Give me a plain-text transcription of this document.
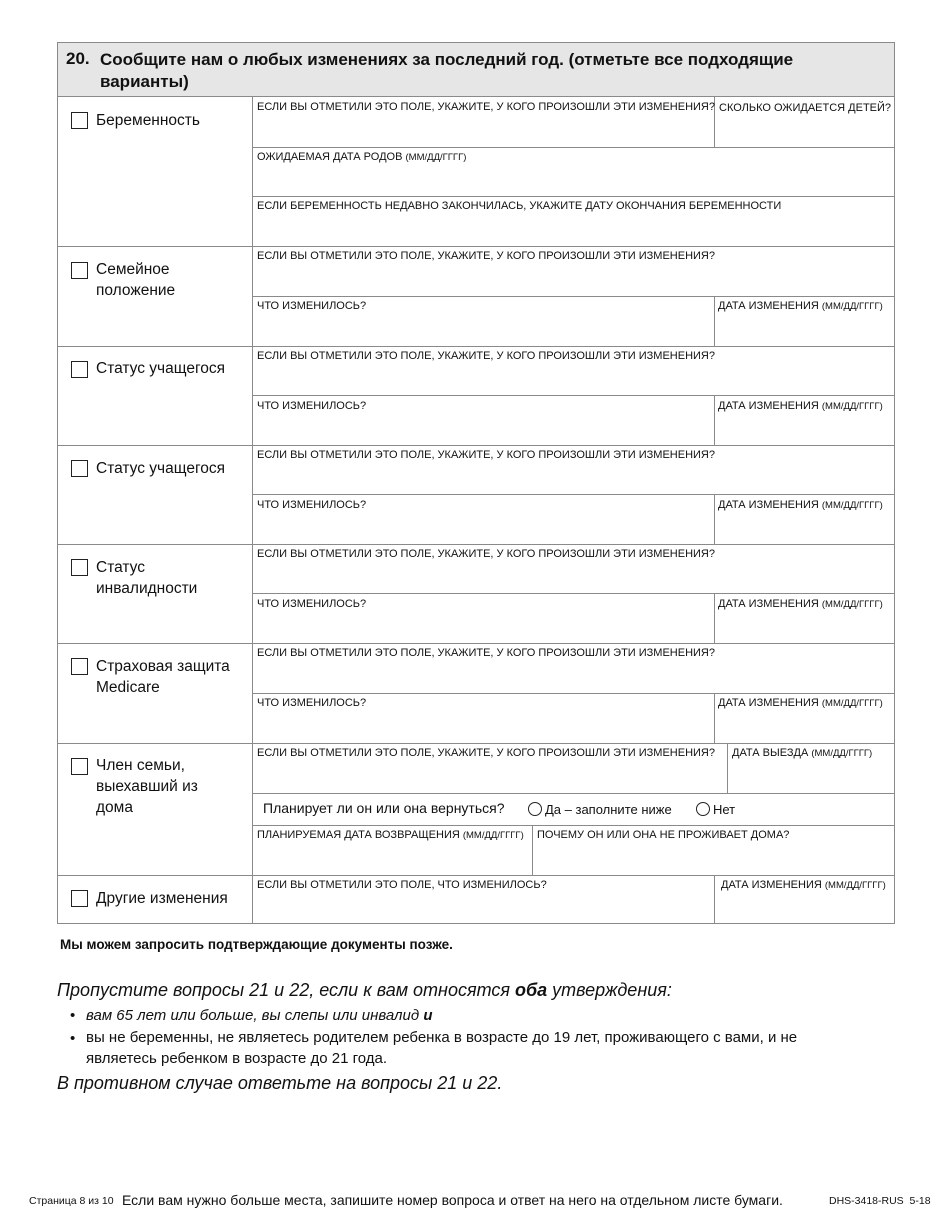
20. Сообщите нам о любых изменениях за последний год. (отметьте все подходящие варианты)
Беременность
ЕСЛИ ВЫ ОТМЕТИЛИ ЭТО ПОЛЕ, УКАЖИТЕ, У КОГО ПРОИЗОШЛИ ЭТИ ИЗМЕНЕНИЯ? СКОЛЬКО ОЖИДАЕТСЯ ДЕТЕЙ?
ОЖИДАЕМАЯ ДАТА РОДОВ (ММ/ДД/ГГГГ)
ЕСЛИ БЕРЕМЕННОСТЬ НЕДАВНО ЗАКОНЧИЛАСЬ, УКАЖИТЕ ДАТУ ОКОНЧАНИЯ БЕРЕМЕННОСТИ
Семейное положение
ЕСЛИ ВЫ ОТМЕТИЛИ ЭТО ПОЛЕ, УКАЖИТЕ, У КОГО ПРОИЗОШЛИ ЭТИ ИЗМЕНЕНИЯ?
ЧТО ИЗМЕНИЛОСЬ?	ДАТА ИЗМЕНЕНИЯ (ММ/ДД/ГГГГ)
Статус учащегося
ЕСЛИ ВЫ ОТМЕТИЛИ ЭТО ПОЛЕ, УКАЖИТЕ, У КОГО ПРОИЗОШЛИ ЭТИ ИЗМЕНЕНИЯ?
ЧТО ИЗМЕНИЛОСЬ?	ДАТА ИЗМЕНЕНИЯ (ММ/ДД/ГГГГ)
Статус учащегося
ЕСЛИ ВЫ ОТМЕТИЛИ ЭТО ПОЛЕ, УКАЖИТЕ, У КОГО ПРОИЗОШЛИ ЭТИ ИЗМЕНЕНИЯ?
ЧТО ИЗМЕНИЛОСЬ?	ДАТА ИЗМЕНЕНИЯ (ММ/ДД/ГГГГ)
Статус инвалидности
ЕСЛИ ВЫ ОТМЕТИЛИ ЭТО ПОЛЕ, УКАЖИТЕ, У КОГО ПРОИЗОШЛИ ЭТИ ИЗМЕНЕНИЯ?
ЧТО ИЗМЕНИЛОСЬ?	ДАТА ИЗМЕНЕНИЯ (ММ/ДД/ГГГГ)
Страховая защита Medicare
ЕСЛИ ВЫ ОТМЕТИЛИ ЭТО ПОЛЕ, УКАЖИТЕ, У КОГО ПРОИЗОШЛИ ЭТИ ИЗМЕНЕНИЯ?
ЧТО ИЗМЕНИЛОСЬ?	ДАТА ИЗМЕНЕНИЯ (ММ/ДД/ГГГГ)
Член семьи, выехавший из дома
ЕСЛИ ВЫ ОТМЕТИЛИ ЭТО ПОЛЕ, УКАЖИТЕ, У КОГО ПРОИЗОШЛИ ЭТИ ИЗМЕНЕНИЯ? ДАТА ВЫЕЗДА (ММ/ДД/ГГГГ)
Планирует ли он или она вернуться?	Да – заполните ниже	Нет
ПЛАНИРУЕМАЯ ДАТА ВОЗВРАЩЕНИЯ (ММ/ДД/ГГГГ) ПОЧЕМУ ОН ИЛИ ОНА НЕ ПРОЖИВАЕТ ДОМА?
Другие изменения
ЕСЛИ ВЫ ОТМЕТИЛИ ЭТО ПОЛЕ, ЧТО ИЗМЕНИЛОСЬ?	ДАТА ИЗМЕНЕНИЯ (ММ/ДД/ГГГГ)
Мы можем запросить подтверждающие документы позже.
Пропустите вопросы 21 и 22, если к вам относятся оба утверждения:
• вам 65 лет или больше, вы слепы или инвалид и
• вы не беременны, не являетесь родителем ребенка в возрасте до 19 лет, проживающего с вами, и не являетесь ребенком в возрасте до 21 года.
В противном случае ответьте на вопросы 21 и 22.
Страница 8 из 10 Если вам нужно больше места, запишите номер вопроса и ответ на него на отдельном листе бумаги.	DHS-3418-RUS 5-18
